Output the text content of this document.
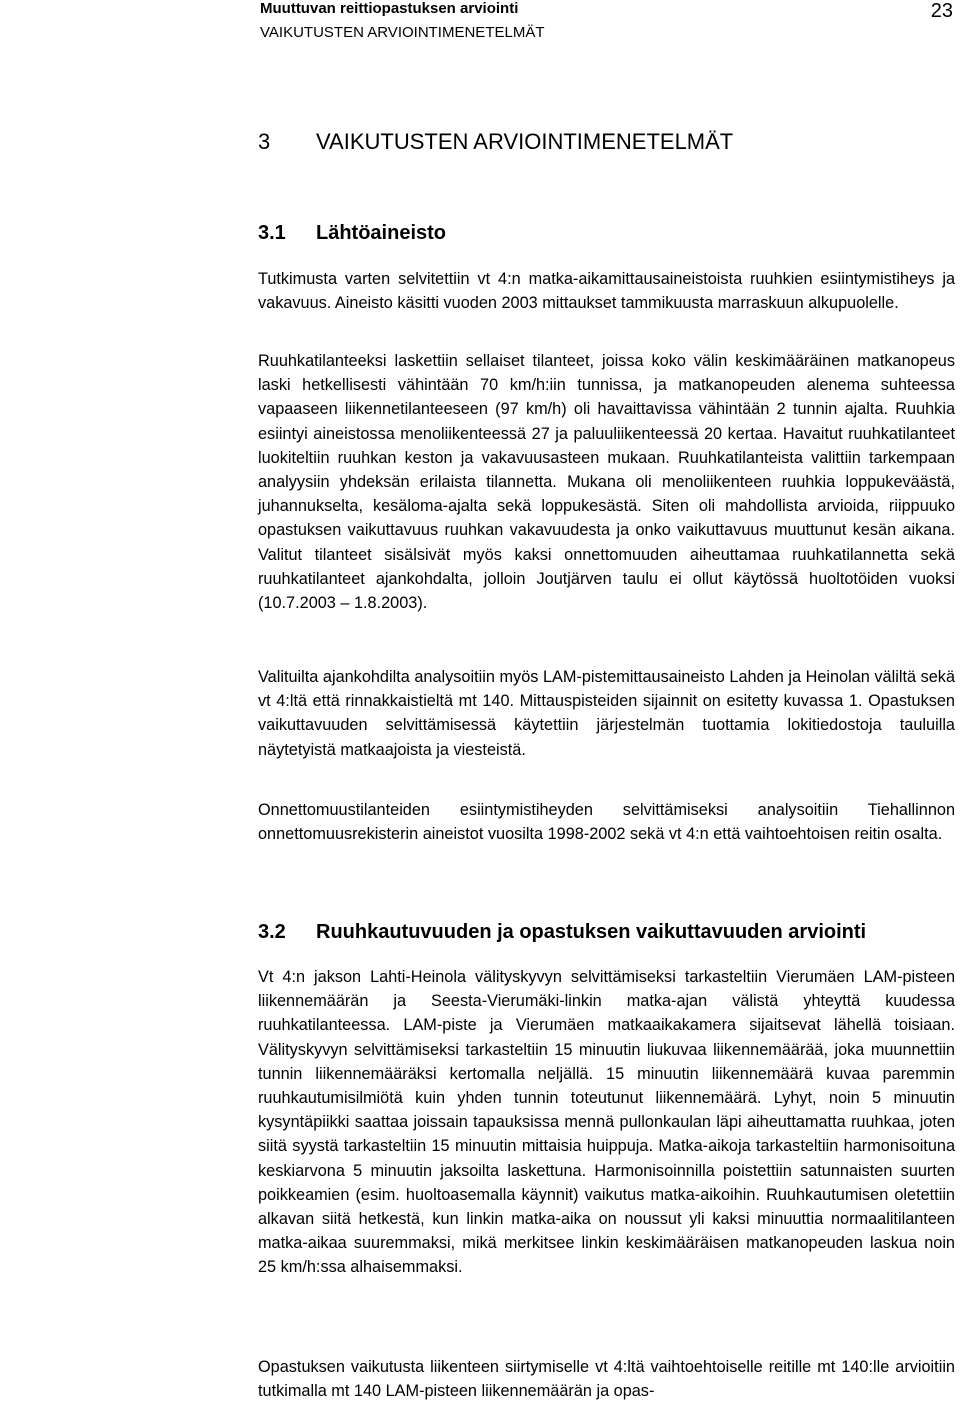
Muuttuvan reittiopastuksen arviointi
VAIKUTUSTEN ARVIOINTIMENETELMÄT
23
3 VAIKUTUSTEN ARVIOINTIMENETELMÄT
3.1 Lähtöaineisto

Tutkimusta varten selvitettiin vt 4:n matka-aikamittausaineistoista ruuhkien esiintymistiheys ja vakavuus. Aineisto käsitti vuoden 2003 mittaukset tammikuusta marraskuun alkupuolelle.

Ruuhkatilanteeksi laskettiin sellaiset tilanteet, joissa koko välin keskimääräinen matkanopeus laski hetkellisesti vähintään 70 km/h:iin tunnissa, ja matkanopeuden alenema suhteessa vapaaseen liikennetilanteeseen (97 km/h) oli havaittavissa vähintään 2 tunnin ajalta. Ruuhkia esiintyi aineistossa menoliikenteessä 27 ja paluuliikenteessä 20 kertaa. Havaitut ruuhkatilanteet luokiteltiin ruuhkan keston ja vakavuusasteen mukaan. Ruuhkatilanteista valittiin tarkempaan analyysiin yhdeksän erilaista tilannetta. Mukana oli menoliikenteen ruuhkia loppukeväästä, juhannukselta, kesäloma-ajalta sekä loppukesästä. Siten oli mahdollista arvioida, riippuuko opastuksen vaikuttavuus ruuhkan vakavuudesta ja onko vaikuttavuus muuttunut kesän aikana. Valitut tilanteet sisälsivät myös kaksi onnettomuuden aiheuttamaa ruuhkatilannetta sekä ruuhkatilanteet ajankohdalta, jolloin Joutjärven taulu ei ollut käytössä huoltotöiden vuoksi (10.7.2003 – 1.8.2003).

Valituilta ajankohdilta analysoitiin myös LAM-pistemittausaineisto Lahden ja Heinolan väliltä sekä vt 4:ltä että rinnakkaistieltä mt 140. Mittauspisteiden sijainnit on esitetty kuvassa 1. Opastuksen vaikuttavuuden selvittämisessä käytettiin järjestelmän tuottamia lokitiedostoja tauluilla näytetyistä matkaajoista ja viesteistä.

Onnettomuustilanteiden esiintymistiheyden selvittämiseksi analysoitiin Tiehallinnon onnettomuusrekisterin aineistot vuosilta 1998-2002 sekä vt 4:n että vaihtoehtoisen reitin osalta.

3.2 Ruuhkautuvuuden ja opastuksen vaikuttavuuden arviointi

Vt 4:n jakson Lahti-Heinola välityskyvyn selvittämiseksi tarkasteltiin Vierumäen LAM-pisteen liikennemäärän ja Seesta-Vierumäki-linkin matka-ajan välistä yhteyttä kuudessa ruuhkatilanteessa. LAM-piste ja Vierumäen matkaaikakamera sijaitsevat lähellä toisiaan. Välityskyvyn selvittämiseksi tarkasteltiin 15 minuutin liukuvaa liikennemäärää, joka muunnettiin tunnin liikennemääräksi kertomalla neljällä. 15 minuutin liikennemäärä kuvaa paremmin ruuhkautumisilmiötä kuin yhden tunnin toteutunut liikennemäärä. Lyhyt, noin 5 minuutin kysyntäpiikki saattaa joissain tapauksissa mennä pullonkaulan läpi aiheuttamatta ruuhkaa, joten siitä syystä tarkasteltiin 15 minuutin mittaisia huippuja. Matka-aikoja tarkasteltiin harmonisoituna keskiarvona 5 minuutin jaksoilta laskettuna. Harmonisoinnilla poistettiin satunnaisten suurten poikkeamien (esim. huoltoasemalla käynnit) vaikutus matka-aikoihin. Ruuhkautumisen oletettiin alkavan siitä hetkestä, kun linkin matka-aika on noussut yli kaksi minuuttia normaalitilanteen matka-aikaa suuremmaksi, mikä merkitsee linkin keskimääräisen matkanopeuden laskua noin 25 km/h:ssa alhaisemmaksi.

Opastuksen vaikutusta liikenteen siirtymiselle vt 4:ltä vaihtoehtoiselle reitille mt 140:lle arvioitiin tutkimalla mt 140 LAM-pisteen liikennemäärän ja opas-
